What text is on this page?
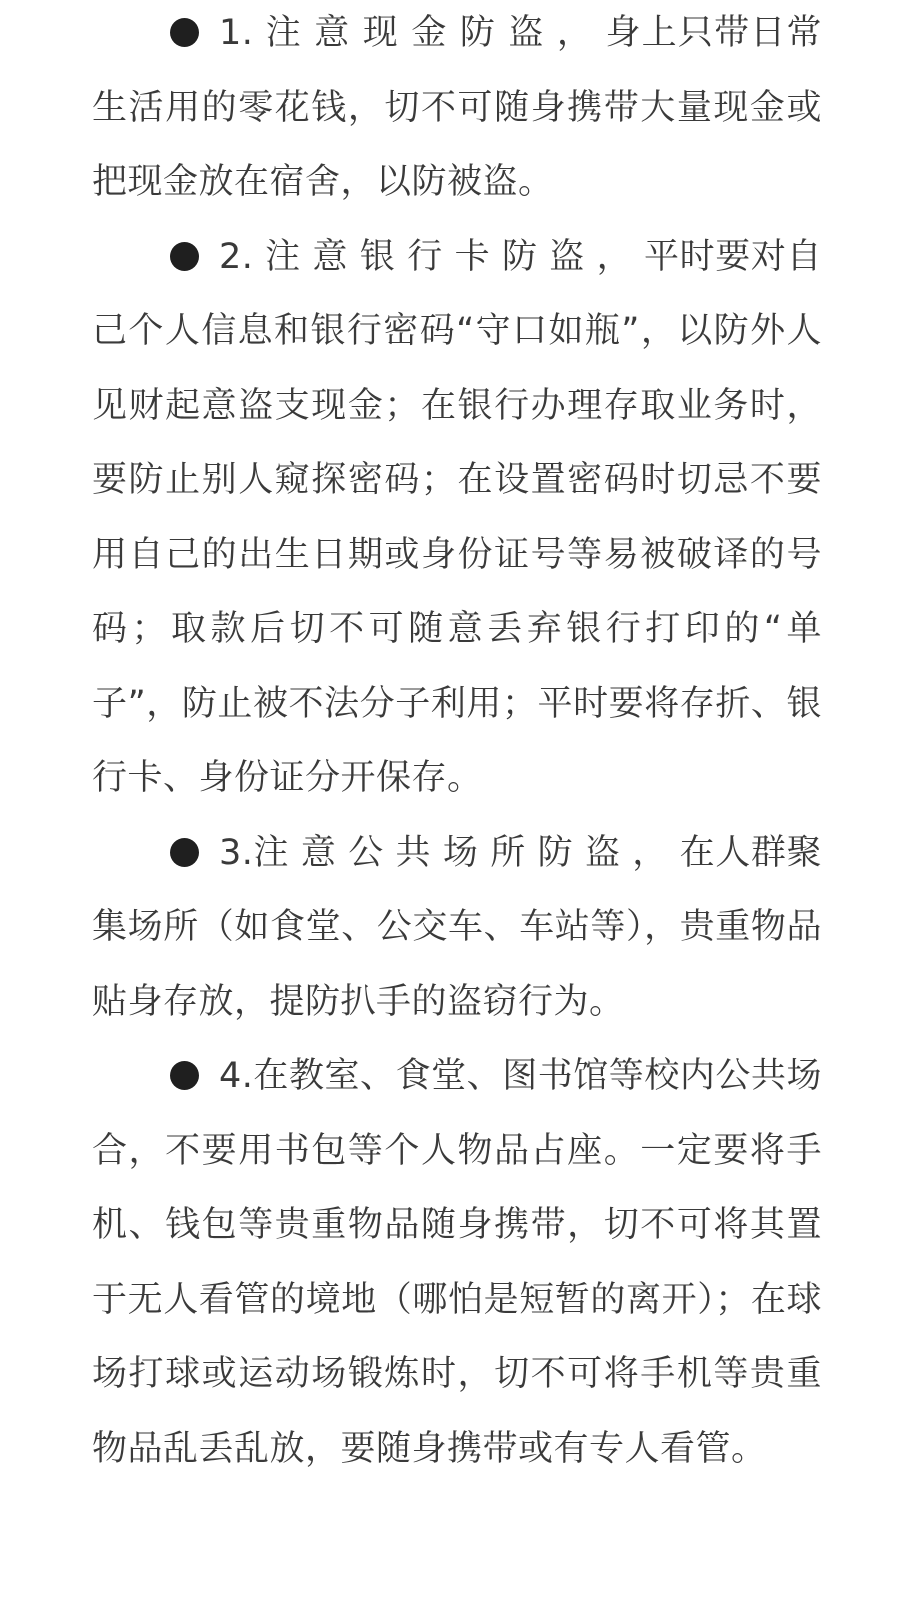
1. 注 意 现 金 防 盗 ， 身上只带日常生活用的零花钱，切不可随身携带大量现金或把现金放在宿舍，以防被盗。

2. 注 意 银 行 卡 防 盗 ， 平时要对自己个人信息和银行密码“守口如瓶”，以防外人见财起意盗支现金；在银行办理存取业务时，要防止别人窥探密码；在设置密码时切忌不要用自己的出生日期或身份证号等易被破译的号码；取款后切不可随意丢弃银行打印的“单子”，防止被不法分子利用；平时要将存折、银行卡、身份证分开保存。

3.注 意 公 共 场 所 防 盗 ， 在人群聚集场所（如食堂、公交车、车站等），贵重物品贴身存放，提防扒手的盗窃行为。

4.在教室、食堂、图书馆等校内公共场合，不要用书包等个人物品占座。一定要将手机、钱包等贵重物品随身携带，切不可将其置于无人看管的境地（哪怕是短暂的离开）；在球场打球或运动场锻炼时，切不可将手机等贵重物品乱丢乱放，要随身携带或有专人看管。
